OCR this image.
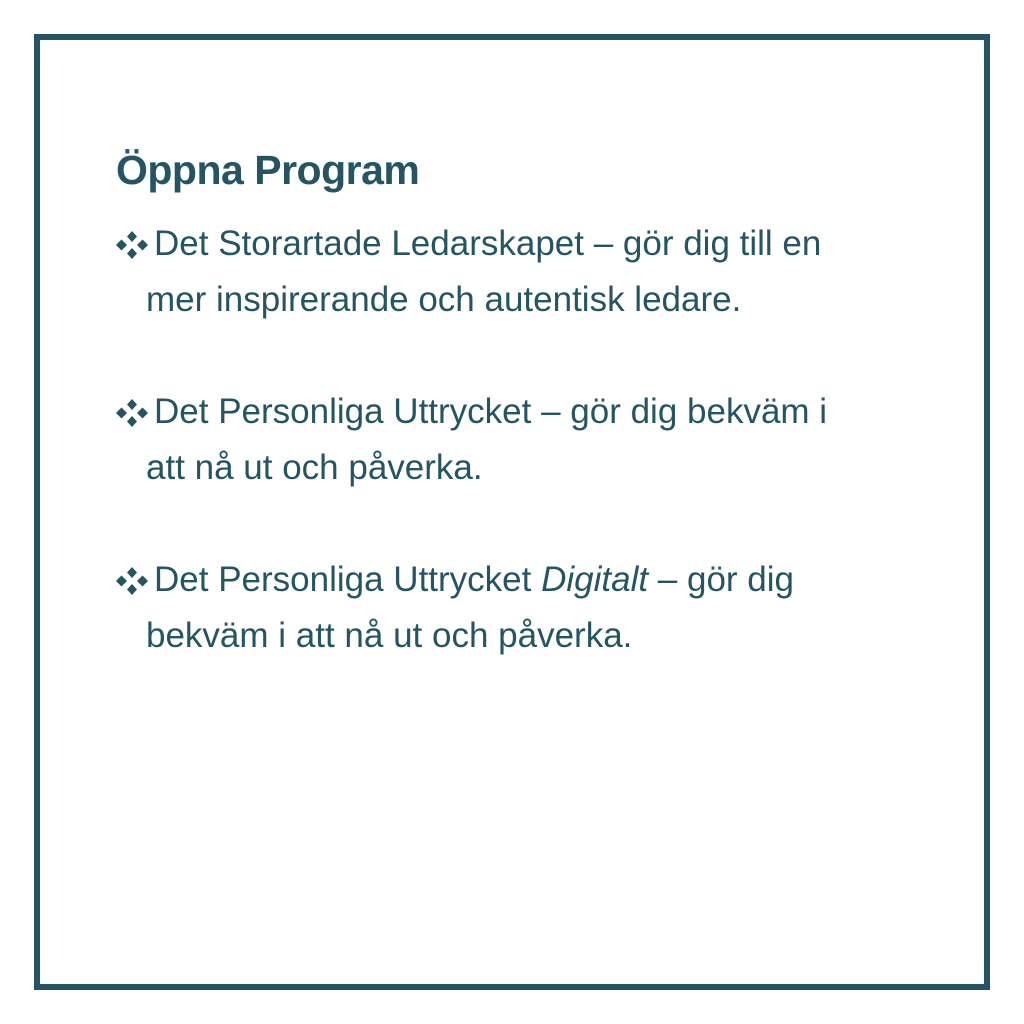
Öppna Program
Det Storartade Ledarskapet – gör dig till en
mer inspirerande och autentisk ledare.
Det Personliga Uttrycket – gör dig bekväm i
att nå ut och påverka.
Det Personliga Uttrycket Digitalt – gör dig
bekväm i att nå ut och påverka.
